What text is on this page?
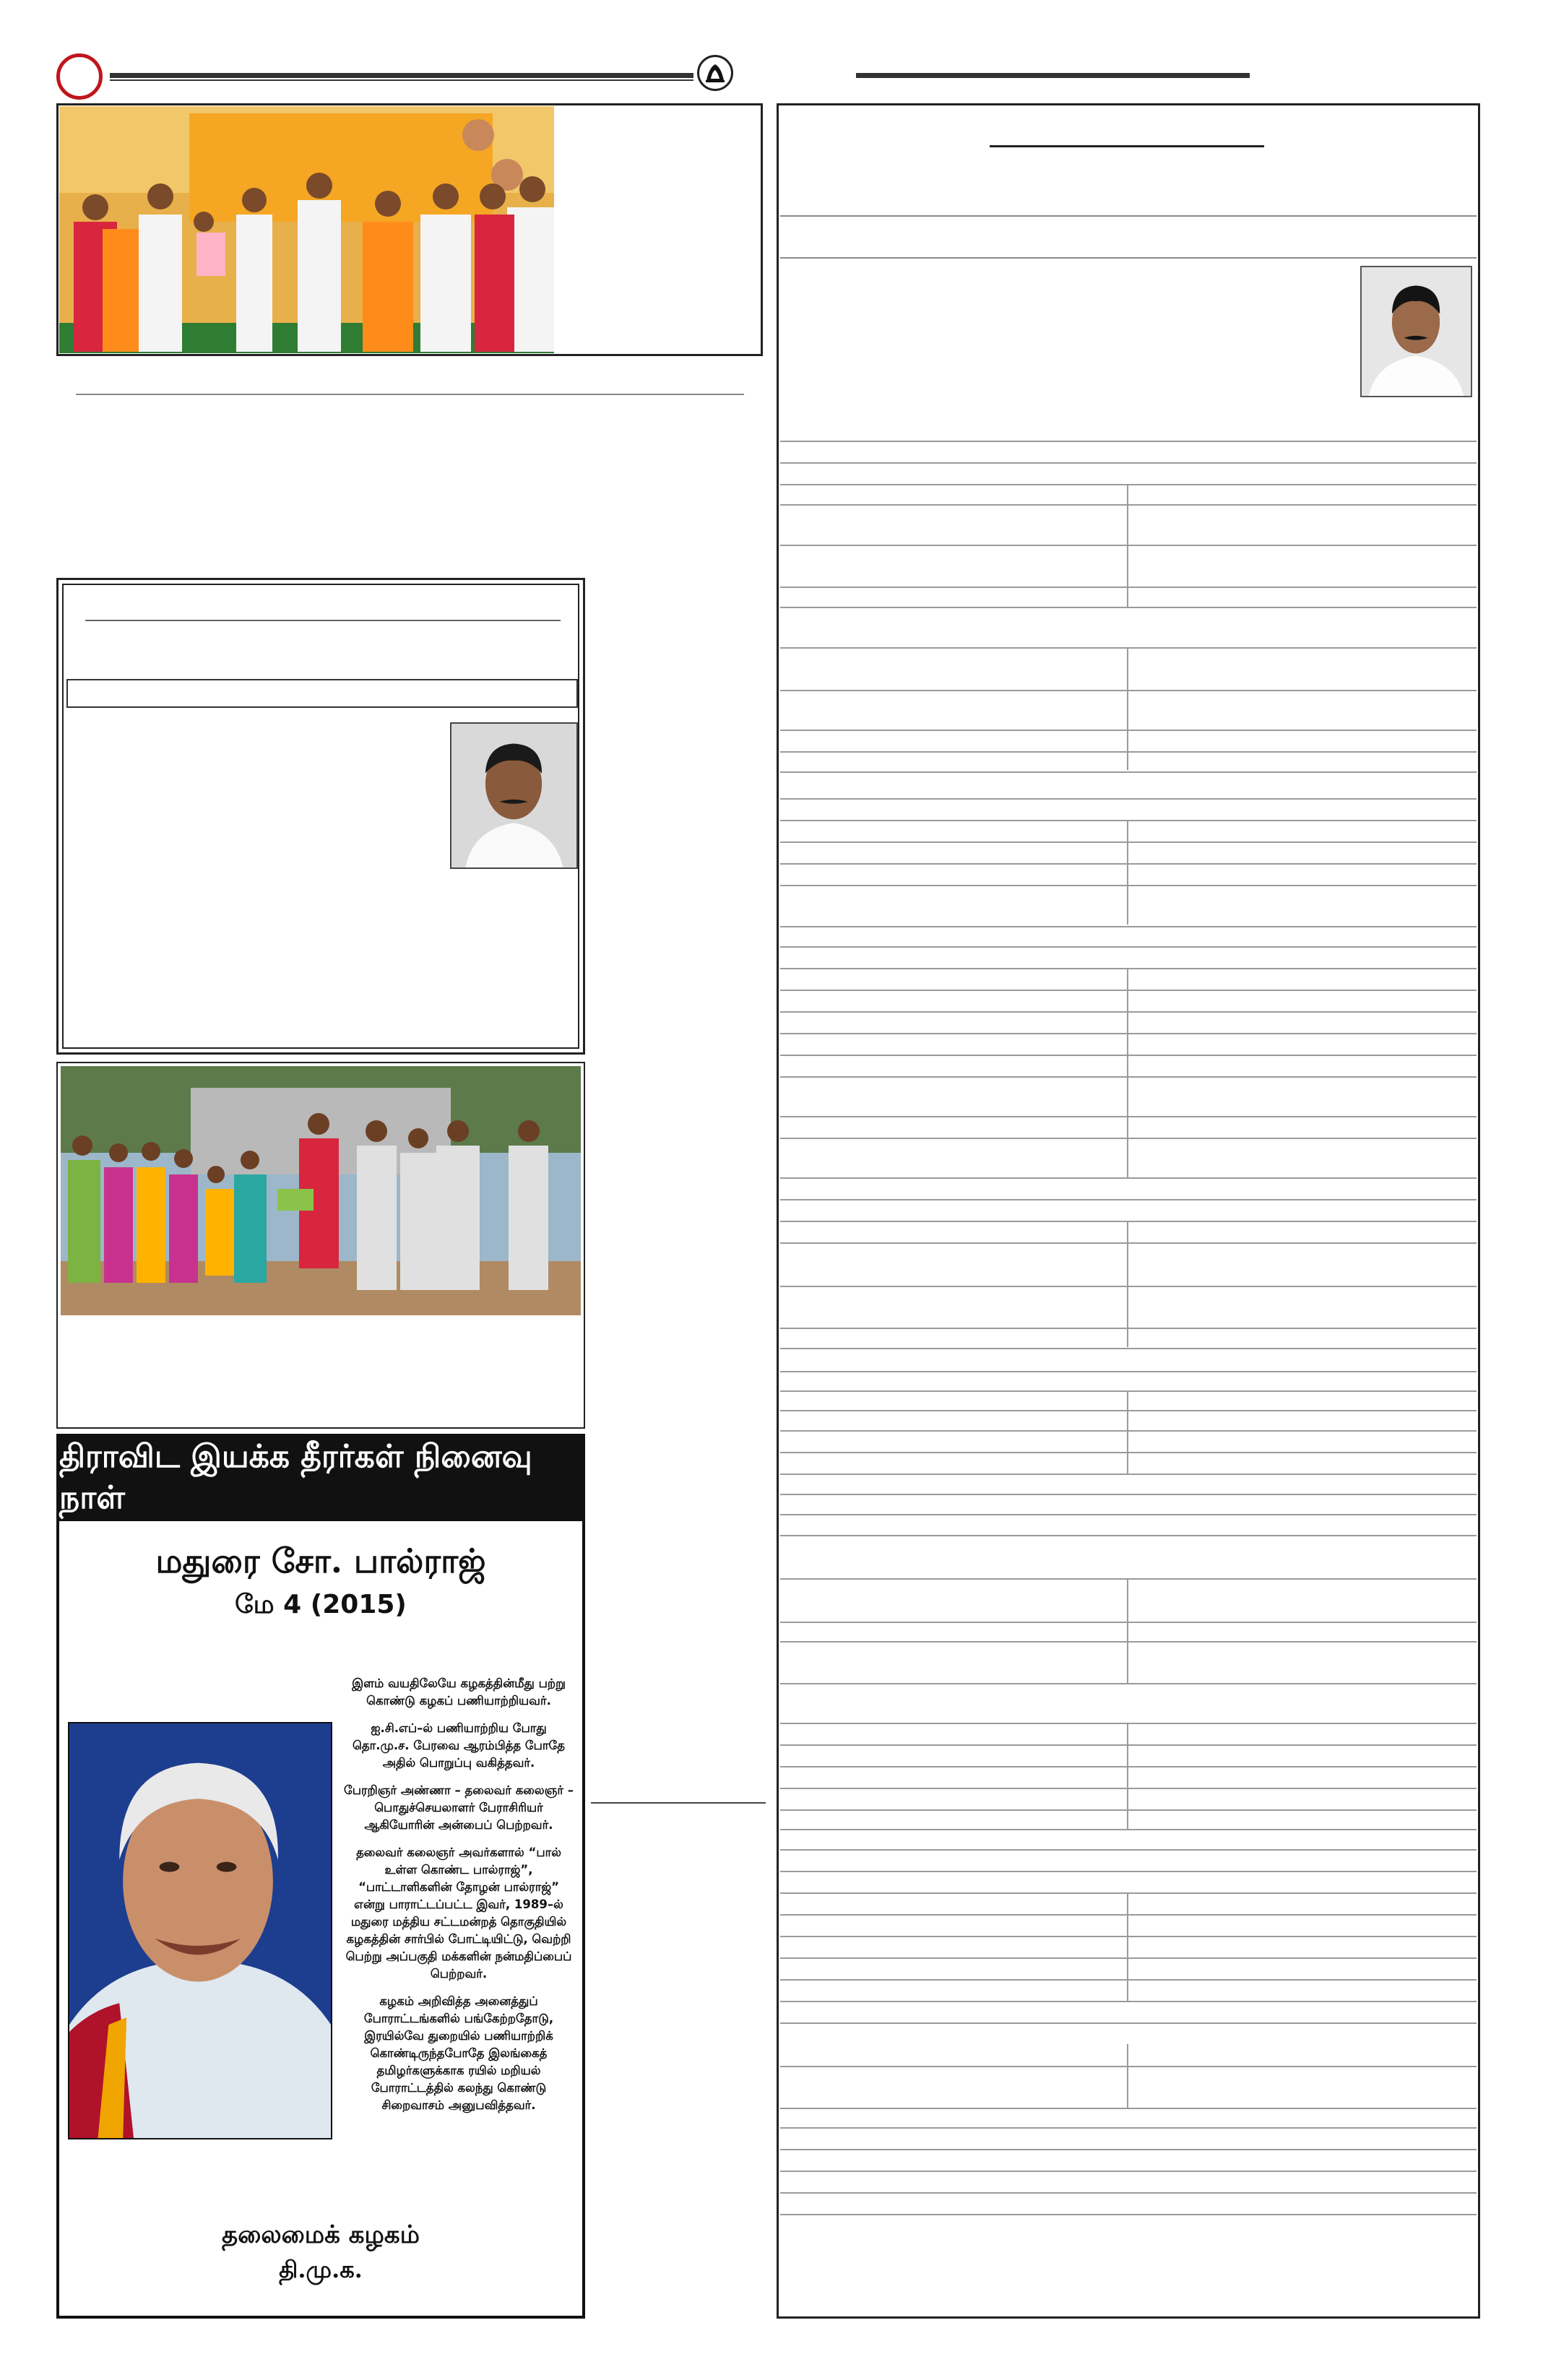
திராவிட இயக்க தீரர்கள் நினைவு நாள்
மதுரை சோ. பால்ராஜ்
மே 4 (2015)

இளம் வயதிலேயே கழகத்தின்மீது பற்று கொண்டு கழகப் பணியாற்றியவர்.

ஐ.சி.எப்–ல் பணியாற்றிய போது தொ.மு.ச. பேரவை ஆரம்பித்த போதே அதில் பொறுப்பு வகித்தவர்.

பேரறிஞர் அண்ணா – தலைவர் கலைஞர் –பொதுச்செயலாளர் பேராசிரியர் ஆகியோரின் அன்பைப் பெற்றவர்.

தலைவர் கலைஞர் அவர்களால் “பால் உள்ள கொண்ட பால்ராஜ்”, “பாட்டாளிகளின் தோழன் பால்ராஜ்” என்று பாராட்டப்பட்ட இவர், 1989–ல் மதுரை மத்திய சட்டமன்றத் தொகுதியில் கழகத்தின் சார்பில் போட்டியிட்டு, வெற்றி பெற்று அப்பகுதி மக்களின் நன்மதிப்பைப் பெற்றவர்.

கழகம் அறிவித்த அனைத்துப் போராட்டங்களில் பங்கேற்றதோடு, இரயில்வே துறையில் பணியாற்றிக் கொண்டிருந்தபோதே இலங்கைத் தமிழர்களுக்காக ரயில் மறியல் போராட்டத்தில் கலந்து கொண்டு சிறைவாசம் அனுபவித்தவர்.

தலைமைக் கழகம்
தி.மு.க.
